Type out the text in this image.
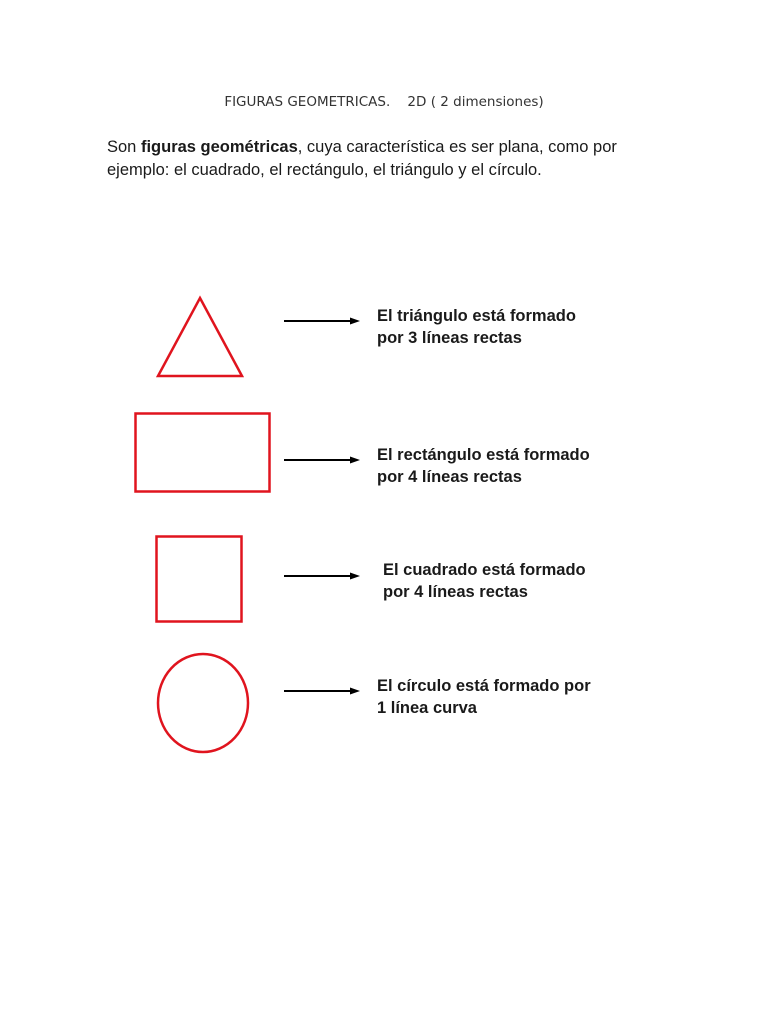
FIGURAS GEOMETRICAS.    2D ( 2 dimensiones)
Son figuras geométricas, cuya característica es ser plana, como por
ejemplo: el cuadrado, el rectángulo, el triángulo y el círculo.
El triángulo está formado
por 3 líneas rectas
El rectángulo está formado
por 4 líneas rectas
El cuadrado está formado
por 4 líneas rectas
El círculo está formado por
1 línea curva
